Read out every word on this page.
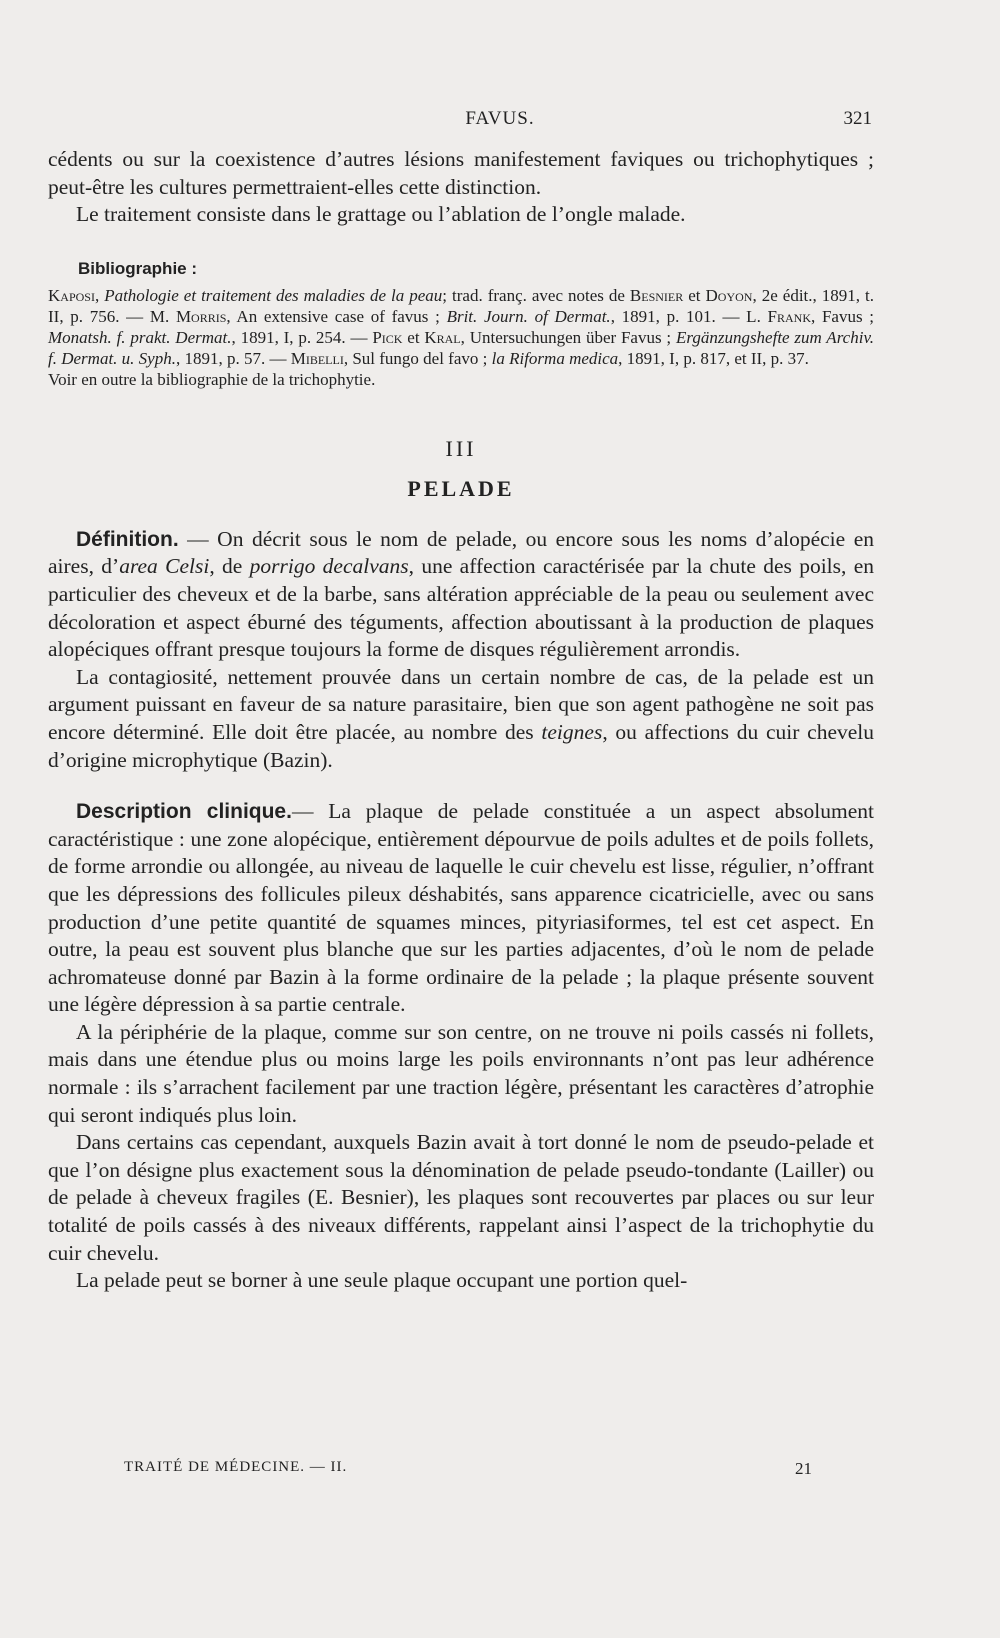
FAVUS.	321

cédents ou sur la coexistence d’autres lésions manifestement faviques ou trichophytiques ; peut-être les cultures permettraient-elles cette distinction.

Le traitement consiste dans le grattage ou l’ablation de l’ongle malade.

Bibliographie :

Kaposi, Pathologie et traitement des maladies de la peau; trad. franç. avec notes de Besnier et Doyon, 2e édit., 1891, t. II, p. 756. — M. Morris, An extensive case of favus ; Brit. Journ. of Dermat., 1891, p. 101. — L. Frank, Favus ; Monatsh. f. prakt. Dermat., 1891, I, p. 254. — Pick et Kral, Untersuchungen über Favus ; Ergänzungshefte zum Archiv. f. Dermat. u. Syph., 1891, p. 57. — Mibelli, Sul fungo del favo ; la Riforma medica, 1891, I, p. 817, et II, p. 37.

Voir en outre la bibliographie de la trichophytie.

III
PELADE

Définition. — On décrit sous le nom de pelade, ou encore sous les noms d’alopécie en aires, d’area Celsi, de porrigo decalvans, une affection caractérisée par la chute des poils, en particulier des cheveux et de la barbe, sans altération appréciable de la peau ou seulement avec décoloration et aspect éburné des téguments, affection aboutissant à la production de plaques alopéciques offrant presque toujours la forme de disques régulièrement arrondis.

La contagiosité, nettement prouvée dans un certain nombre de cas, de la pelade est un argument puissant en faveur de sa nature parasitaire, bien que son agent pathogène ne soit pas encore déterminé. Elle doit être placée, au nombre des teignes, ou affections du cuir chevelu d’origine microphytique (Bazin).

Description clinique.— La plaque de pelade constituée a un aspect absolument caractéristique : une zone alopécique, entièrement dépourvue de poils adultes et de poils follets, de forme arrondie ou allongée, au niveau de laquelle le cuir chevelu est lisse, régulier, n’offrant que les dépressions des follicules pileux déshabités, sans apparence cicatricielle, avec ou sans production d’une petite quantité de squames minces, pityriasiformes, tel est cet aspect. En outre, la peau est souvent plus blanche que sur les parties adjacentes, d’où le nom de pelade achromateuse donné par Bazin à la forme ordinaire de la pelade ; la plaque présente souvent une légère dépression à sa partie centrale.

A la périphérie de la plaque, comme sur son centre, on ne trouve ni poils cassés ni follets, mais dans une étendue plus ou moins large les poils environnants n’ont pas leur adhérence normale : ils s’arrachent facilement par une traction légère, présentant les caractères d’atrophie qui seront indiqués plus loin.

Dans certains cas cependant, auxquels Bazin avait à tort donné le nom de pseudo-pelade et que l’on désigne plus exactement sous la dénomination de pelade pseudo-tondante (Lailler) ou de pelade à cheveux fragiles (E. Besnier), les plaques sont recouvertes par places ou sur leur totalité de poils cassés à des niveaux différents, rappelant ainsi l’aspect de la trichophytie du cuir chevelu.

La pelade peut se borner à une seule plaque occupant une portion quel-

TRAITÉ DE MÉDECINE. — II.	21
